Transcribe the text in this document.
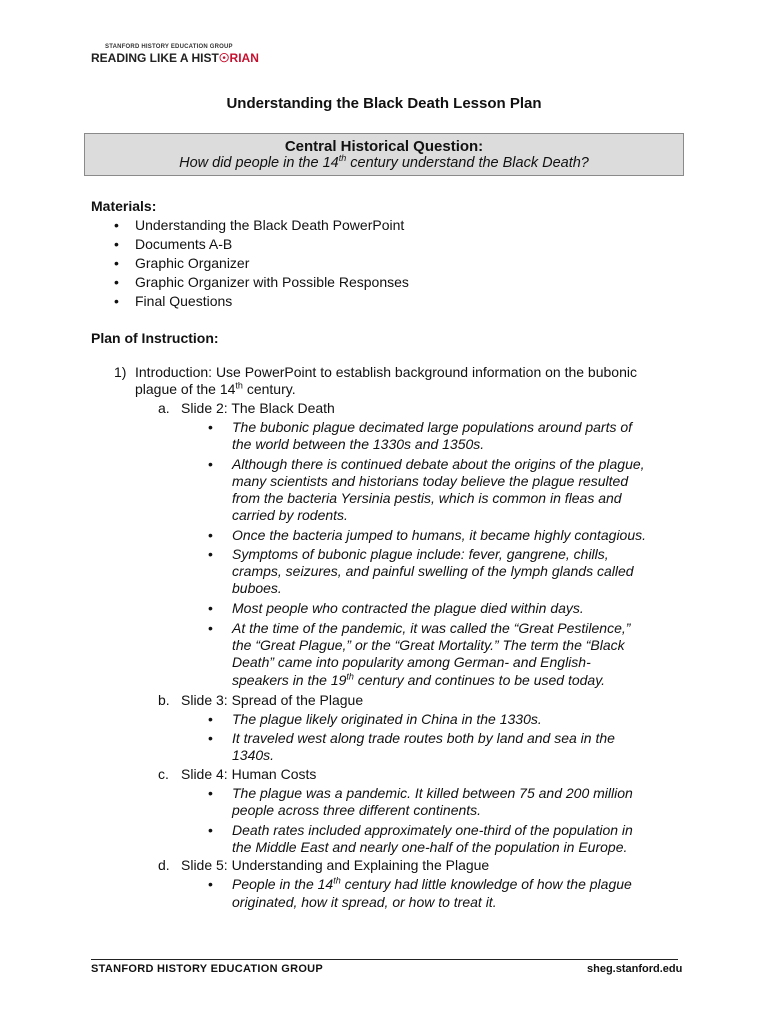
STANFORD HISTORY EDUCATION GROUP
READING LIKE A HIST☉RIAN
Understanding the Black Death Lesson Plan
Central Historical Question:
How did people in the 14th century understand the Black Death?
Materials:
• Understanding the Black Death PowerPoint
• Documents A-B
• Graphic Organizer
• Graphic Organizer with Possible Responses
• Final Questions
Plan of Instruction:
1) Introduction: Use PowerPoint to establish background information on the bubonic
plague of the 14th century.
a. Slide 2: The Black Death
• The bubonic plague decimated large populations around parts of
the world between the 1330s and 1350s.
• Although there is continued debate about the origins of the plague,
many scientists and historians today believe the plague resulted
from the bacteria Yersinia pestis, which is common in fleas and
carried by rodents.
• Once the bacteria jumped to humans, it became highly contagious.
• Symptoms of bubonic plague include: fever, gangrene, chills,
cramps, seizures, and painful swelling of the lymph glands called
buboes.
• Most people who contracted the plague died within days.
• At the time of the pandemic, it was called the “Great Pestilence,”
the “Great Plague,” or the “Great Mortality.” The term the “Black
Death” came into popularity among German- and English-
speakers in the 19th century and continues to be used today.
b. Slide 3: Spread of the Plague
• The plague likely originated in China in the 1330s.
• It traveled west along trade routes both by land and sea in the
1340s.
c. Slide 4: Human Costs
• The plague was a pandemic. It killed between 75 and 200 million
people across three different continents.
• Death rates included approximately one-third of the population in
the Middle East and nearly one-half of the population in Europe.
d. Slide 5: Understanding and Explaining the Plague
• People in the 14th century had little knowledge of how the plague
originated, how it spread, or how to treat it.
STANFORD HISTORY EDUCATION GROUP	sheg.stanford.edu
